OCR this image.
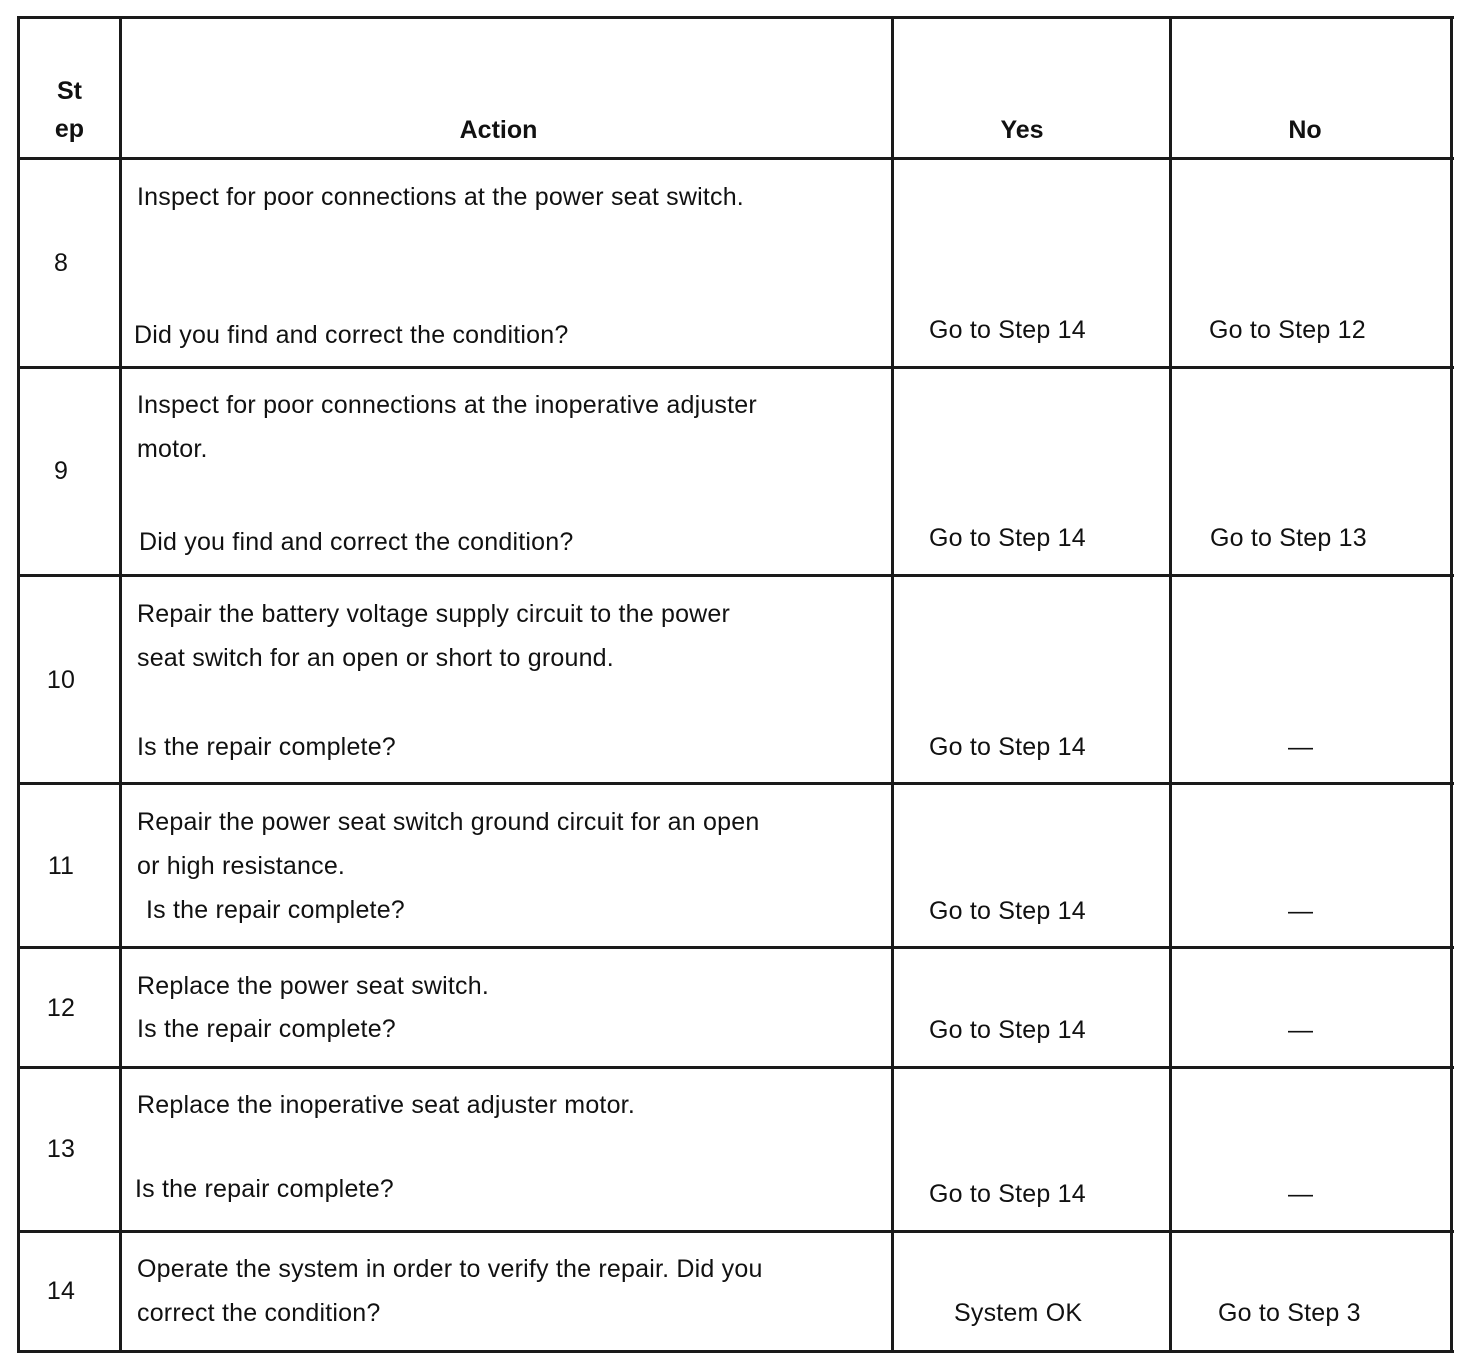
St
ep	Action	Yes	No
8
Inspect for poor connections at the power seat switch.
Did you find and correct the condition?	Go to Step 14	Go to Step 12
9
Inspect for poor connections at the inoperative adjuster
motor.
Did you find and correct the condition?	Go to Step 14	Go to Step 13
10
Repair the battery voltage supply circuit to the power
seat switch for an open or short to ground.
Is the repair complete?	Go to Step 14	—
11
Repair the power seat switch ground circuit for an open
or high resistance.
Is the repair complete?	Go to Step 14	—
12
Replace the power seat switch.
Is the repair complete?	Go to Step 14	—
13
Replace the inoperative seat adjuster motor.
Is the repair complete?	Go to Step 14	—
14
Operate the system in order to verify the repair. Did you
correct the condition?	System OK	Go to Step 3
